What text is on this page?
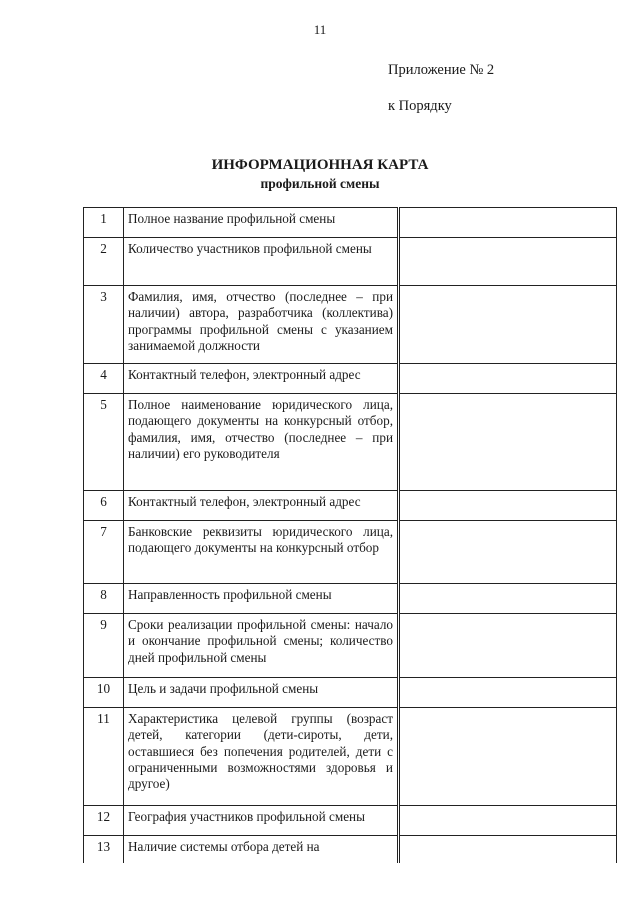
11
Приложение № 2
к Порядку
ИНФОРМАЦИОННАЯ КАРТА
профильной смены
1	Полное название профильной смены	
2	Количество участников профильной смены	
3	Фамилия, имя, отчество (последнее – при наличии) автора, разработчика (коллектива) программы профильной смены с указанием занимаемой должности	
4	Контактный телефон, электронный адрес	
5	Полное наименование юридического лица, подающего документы на конкурсный отбор, фамилия, имя, отчество (последнее – при наличии) его руководителя	
6	Контактный телефон, электронный адрес	
7	Банковские реквизиты юридического лица, подающего документы на конкурсный отбор	
8	Направленность профильной смены	
9	Сроки реализации профильной смены: начало и окончание профильной смены; количество дней профильной смены	
10	Цель и задачи профильной смены	
11	Характеристика целевой группы (возраст детей, категории (дети-сироты, дети, оставшиеся без попечения родителей, дети с ограниченными возможностями здоровья и другое)	
12	География участников профильной смены	
13	Наличие системы отбора детей на	
